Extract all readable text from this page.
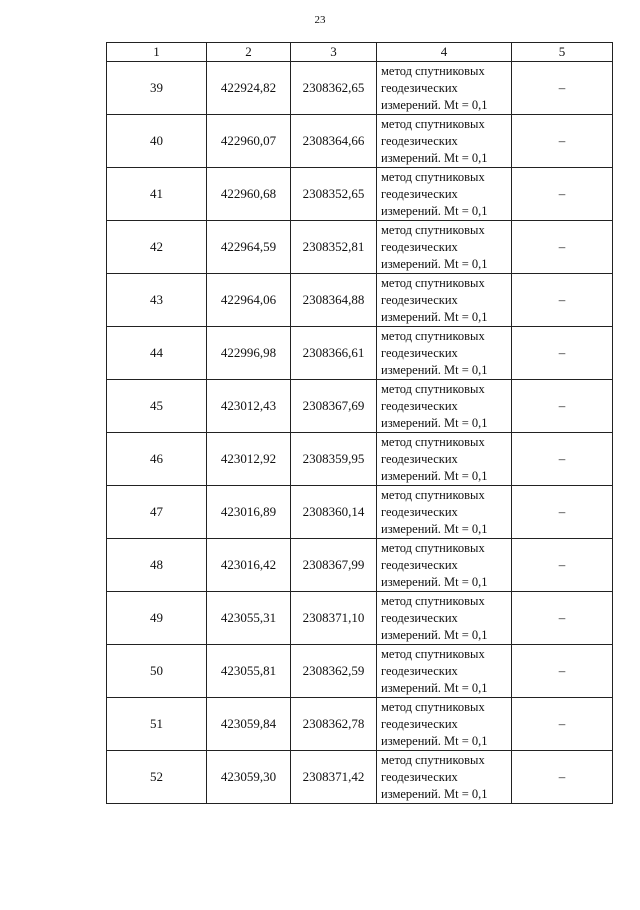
23
1	2	3	4	5
39	422924,82	2308362,65	метод спутниковых
геодезических
измерений. Mt = 0,1	–
40	422960,07	2308364,66	метод спутниковых
геодезических
измерений. Mt = 0,1	–
41	422960,68	2308352,65	метод спутниковых
геодезических
измерений. Mt = 0,1	–
42	422964,59	2308352,81	метод спутниковых
геодезических
измерений. Mt = 0,1	–
43	422964,06	2308364,88	метод спутниковых
геодезических
измерений. Mt = 0,1	–
44	422996,98	2308366,61	метод спутниковых
геодезических
измерений. Mt = 0,1	–
45	423012,43	2308367,69	метод спутниковых
геодезических
измерений. Mt = 0,1	–
46	423012,92	2308359,95	метод спутниковых
геодезических
измерений. Mt = 0,1	–
47	423016,89	2308360,14	метод спутниковых
геодезических
измерений. Mt = 0,1	–
48	423016,42	2308367,99	метод спутниковых
геодезических
измерений. Mt = 0,1	–
49	423055,31	2308371,10	метод спутниковых
геодезических
измерений. Mt = 0,1	–
50	423055,81	2308362,59	метод спутниковых
геодезических
измерений. Mt = 0,1	–
51	423059,84	2308362,78	метод спутниковых
геодезических
измерений. Mt = 0,1	–
52	423059,30	2308371,42	метод спутниковых
геодезических
измерений. Mt = 0,1	–
